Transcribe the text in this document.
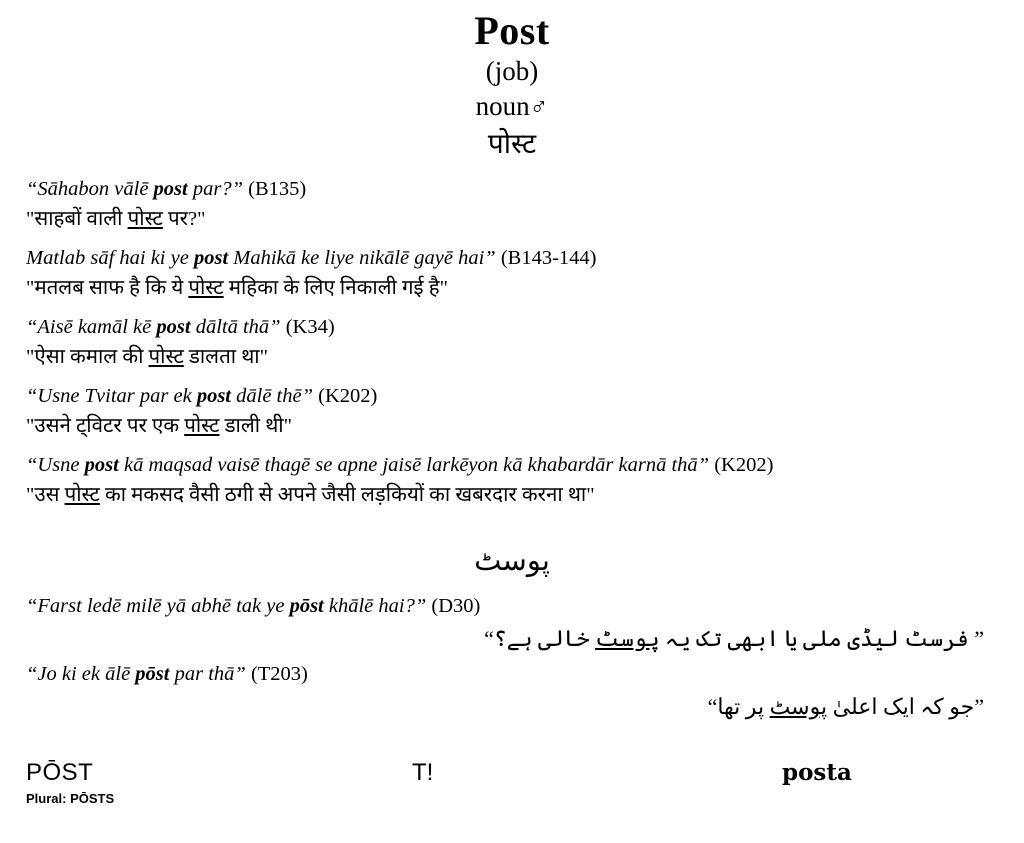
Post
(job)
noun♂
पोस्ट
“Sāhabon vālē post par?” (B135)
"साहबों वाली पोस्ट पर?"
Matlab sāf hai ki ye post Mahikā ke liye nikālē gayē hai” (B143-144)
"मतलब साफ है कि ये पोस्ट महिका के लिए निकाली गई है"
“Aisē kamāl kē post dāltā thā” (K34)
"ऐसा कमाल की पोस्ट डालता था"
“Usne Tvitar par ek post dālē thē” (K202)
"उसने ट्विटर पर एक पोस्ट डाली थी"
“Usne post kā maqsad vaisē thagē se apne jaisē larkēyon kā khabardār karnā thā” (K202)
"उस पोस्ट का मकसद वैसी ठगी से अपने जैसी लड़कियों का खबरदार करना था"
پوسٹ
“Farst ledē milē yā abhē tak ye pōst khālē hai?” (D30)
” فرسٹ لیڈی ملی یا ابھی تک یہ پوسٹ خالی ہے؟“
“Jo ki ek ālē pōst par thā” (T203)
”جو کہ ایک اعلیٰ پوسٹ پر تھا“
PŌST
Plural: PŌSTS
T!	posta
